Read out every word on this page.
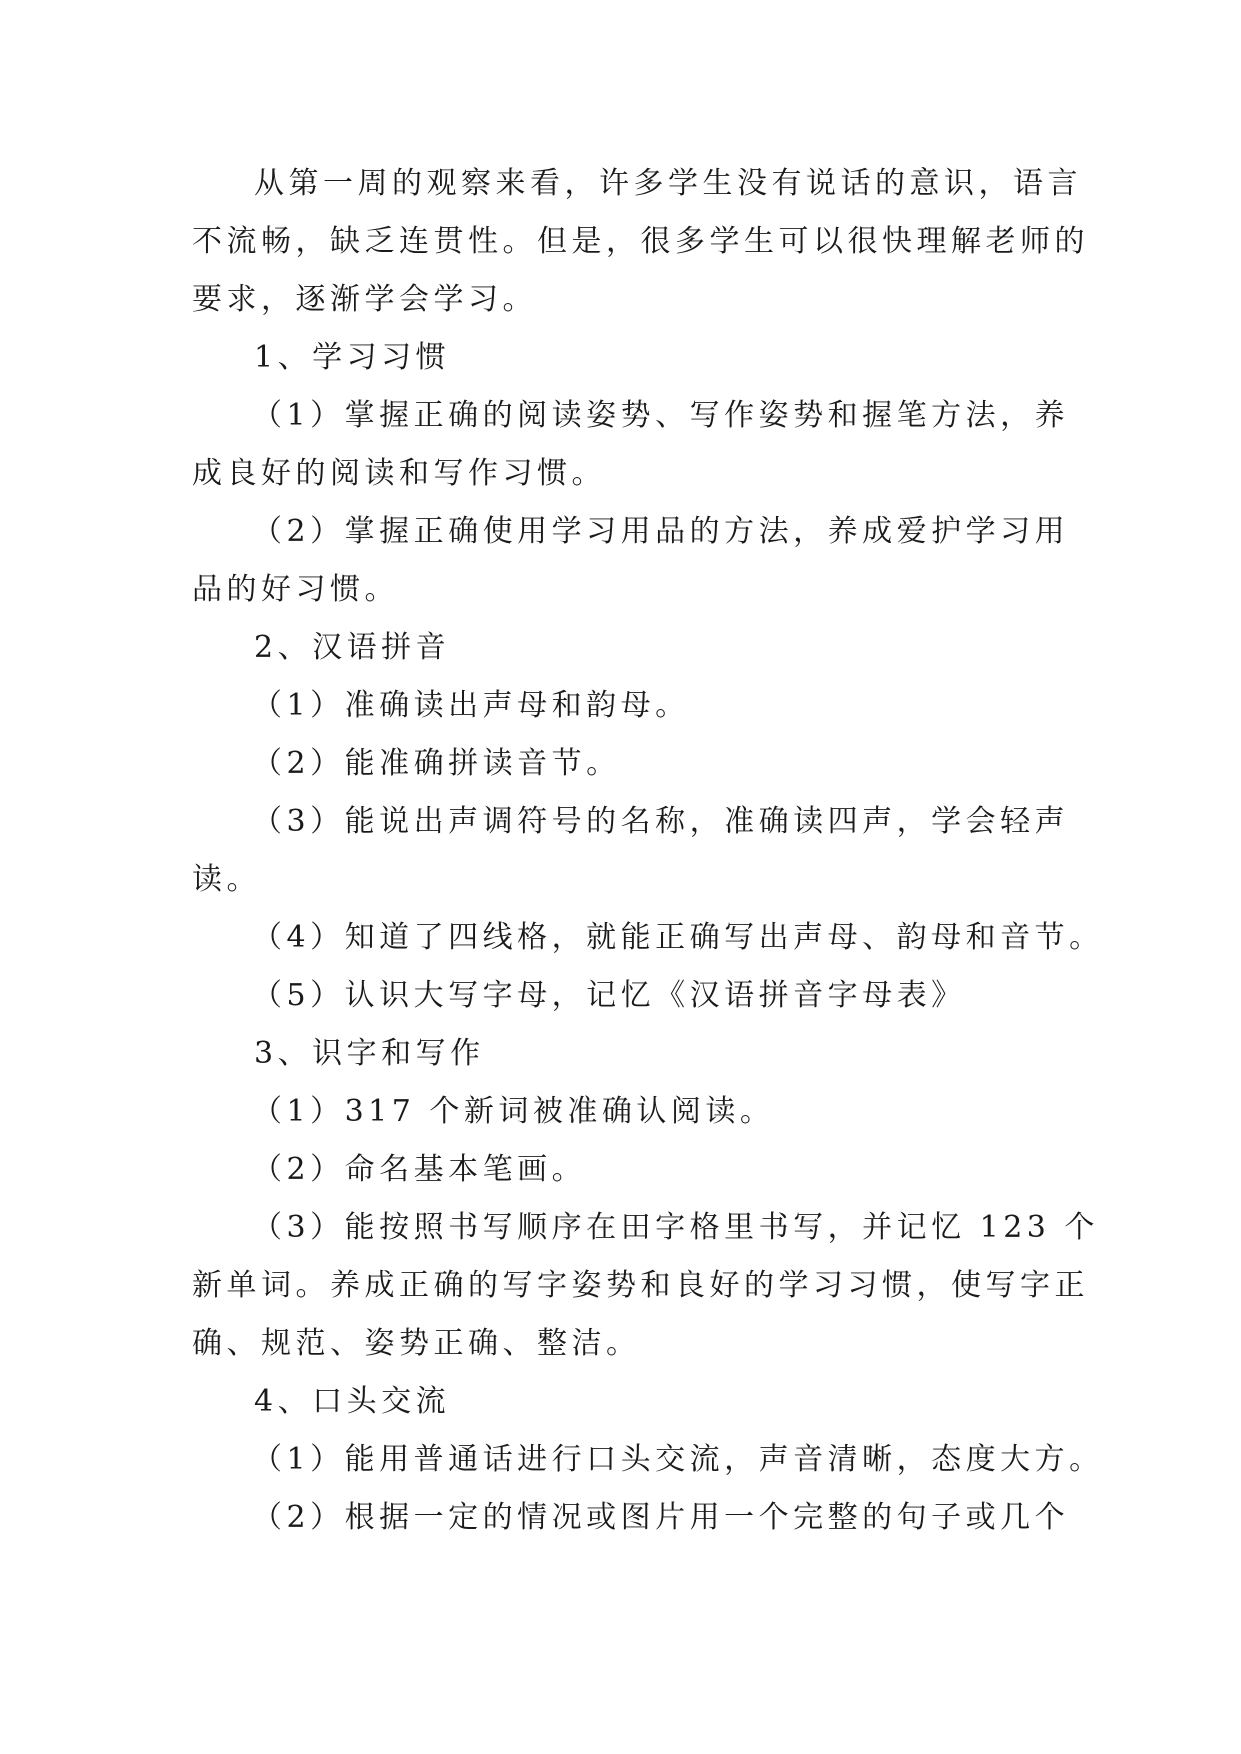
从第一周的观察来看，许多学生没有说话的意识，语言

不流畅，缺乏连贯性。但是，很多学生可以很快理解老师的

要求，逐渐学会学习。

1、学习习惯

（1）掌握正确的阅读姿势、写作姿势和握笔方法，养

成良好的阅读和写作习惯。

（2）掌握正确使用学习用品的方法，养成爱护学习用

品的好习惯。

2、汉语拼音

（1）准确读出声母和韵母。

（2）能准确拼读音节。

（3）能说出声调符号的名称，准确读四声，学会轻声

读。

（4）知道了四线格，就能正确写出声母、韵母和音节。

（5）认识大写字母，记忆《汉语拼音字母表》

3、识字和写作

（1）317 个新词被准确认阅读。

（2）命名基本笔画。

（3）能按照书写顺序在田字格里书写，并记忆 123 个

新单词。养成正确的写字姿势和良好的学习习惯，使写字正

确、规范、姿势正确、整洁。

4、口头交流

（1）能用普通话进行口头交流，声音清晰，态度大方。

（2）根据一定的情况或图片用一个完整的句子或几个
